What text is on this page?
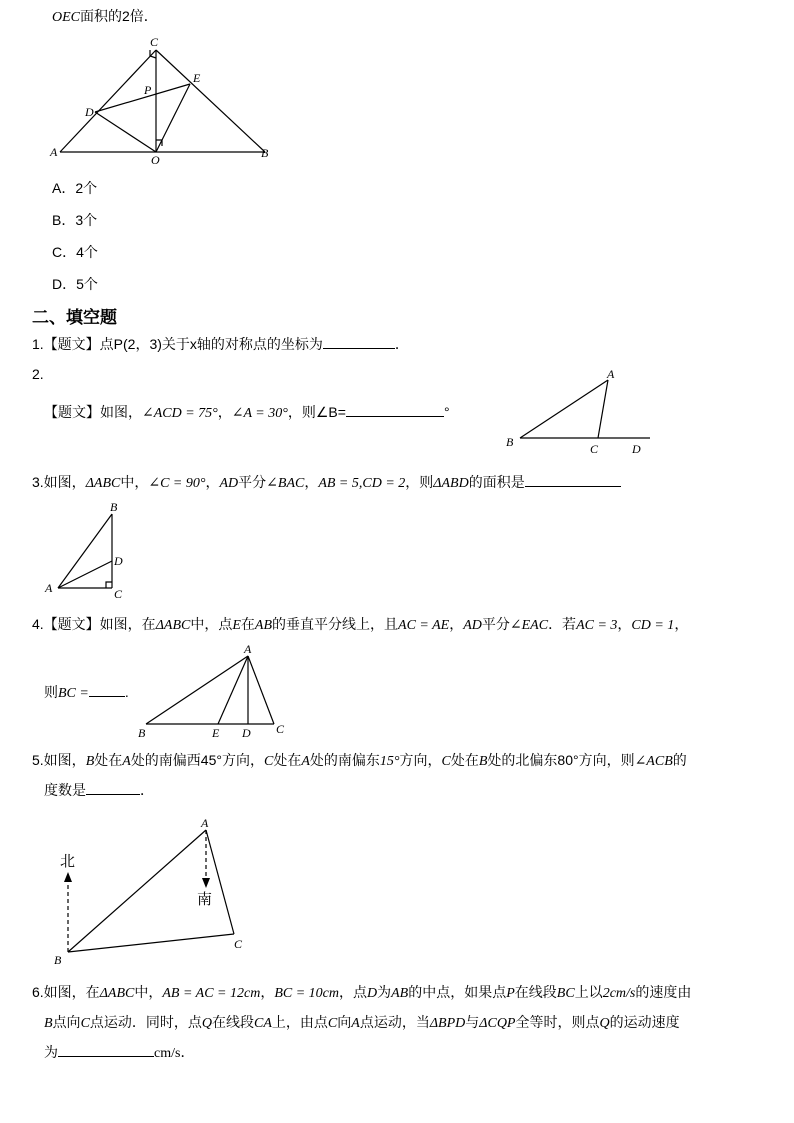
OEC面积的2倍．
C
P
E
D
A
O	B
A．2个
B．3个
C．4个
D．5个
二、填空题
1.【题文】点P(2，3)关于x轴的对称点的坐标为	．
2.
【题文】如图，∠ACD = 75°，∠A = 30°，则∠B=	°
A
B	C	D
3.如图，ΔABC中，∠C = 90°，AD平分∠BAC，AB = 5,CD = 2，则ΔABD的面积是
B
D
A	C
4.【题文】如图，在ΔABC中，点E在AB的垂直平分线上，且AC = AE，AD平分∠EAC．若AC = 3，CD = 1，
则BC =	.
A
B	E D C
5.如图，B处在A处的南偏西45°方向，C处在A处的南偏东15°方向，C处在B处的北偏东80°方向，则∠ACB的
度数是	．
A
B
C
北
南
6.如图，在ΔABC中，AB = AC = 12cm，BC = 10cm，点D为AB的中点，如果点P在线段BC上以2cm/s的速度由
B点向C点运动．同时，点Q在线段CA上，由点C向A点运动，当ΔBPD与ΔCQP全等时，则点Q的运动速度
为	cm/s．
